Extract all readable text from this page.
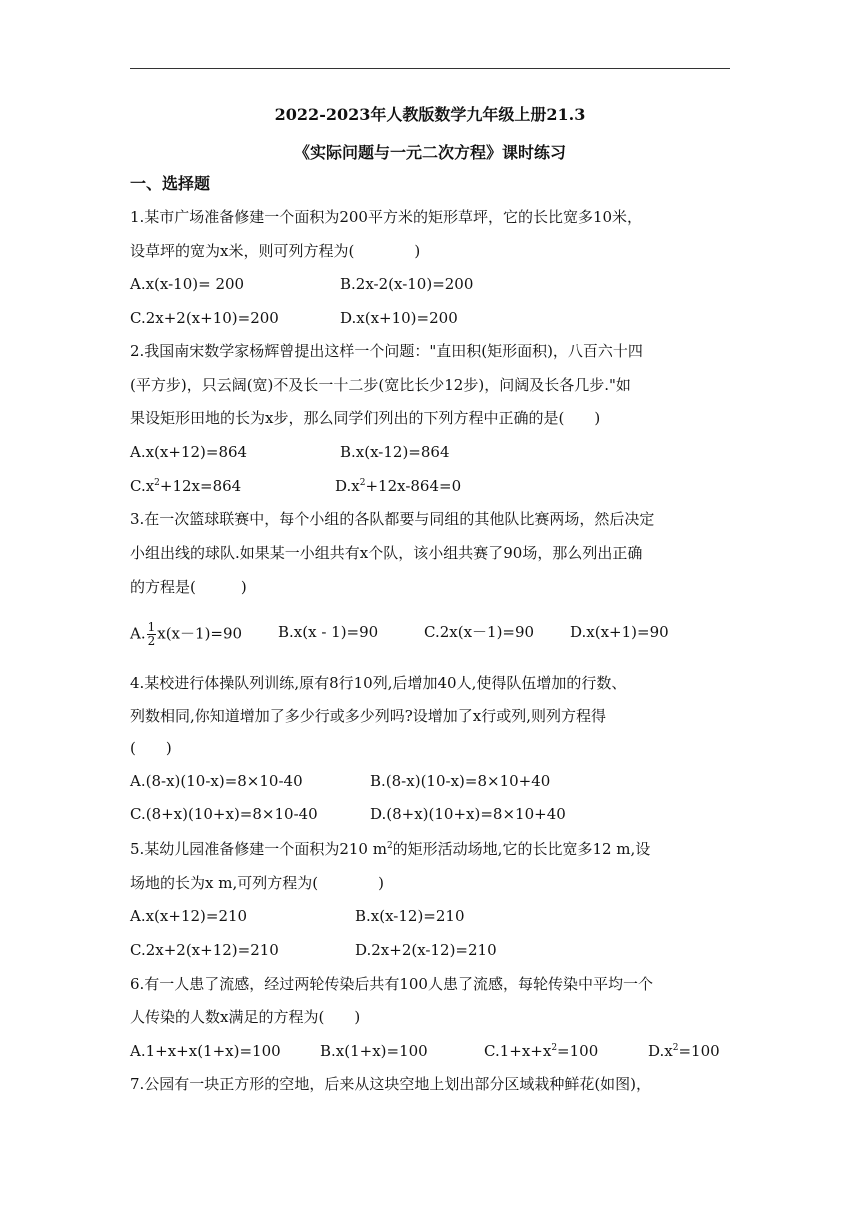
2022-2023年人教版数学九年级上册21.3
《实际问题与一元二次方程》课时练习
一、选择题
1.某市广场准备修建一个面积为200平方米的矩形草坪，它的长比宽多10米，
设草坪的宽为x米，则可列方程为(　　　　)
A.x(x-10)= 200	B.2x-2(x-10)=200
C.2x+2(x+10)=200	D.x(x+10)=200
2.我国南宋数学家杨辉曾提出这样一个问题："直田积(矩形面积)，八百六十四
(平方步)，只云阔(宽)不及长一十二步(宽比长少12步)，问阔及长各几步."如
果设矩形田地的长为x步，那么同学们列出的下列方程中正确的是(　　)
A.x(x+12)=864	B.x(x-12)=864
$C.x^2+12x=864$	$D.x^2+12x-864=0$
3.在一次篮球联赛中，每个小组的各队都要与同组的其他队比赛两场，然后决定
小组出线的球队.如果某一小组共有x个队，该小组共赛了90场，那么列出正确
的方程是(　　　)
A. $\frac{1}{2} x(x-1)=90$ B.x(x - 1)=90	C.2x(x－1)=90 D.x(x+1)=90
4.某校进行体操队列训练,原有8行10列,后增加40人,使得队伍增加的行数、
列数相同,你知道增加了多少行或多少列吗?设增加了x行或列,则列方程得
(　　)
A.(8-x)(10-x)=8×10-40	B.(8-x)(10-x)=8×10+40
C.(8+x)(10+x)=8×10-40	D.(8+x)(10+x)=8×10+40
5.某幼儿园准备修建一个面积为210 $m^2$的矩形活动场地,它的长比宽多12 m,设
场地的长为x m,可列方程为(　　　　)
A.x(x+12)=210	B.x(x-12)=210
C.2x+2(x+12)=210	D.2x+2(x-12)=210
6.有一人患了流感，经过两轮传染后共有100人患了流感，每轮传染中平均一个
人传染的人数x满足的方程为(　　)
A.1+x+x(1+x)=100	B.x(1+x)=100	$C.1+x+x^2=100$	$D.x^2=100$
7.公园有一块正方形的空地，后来从这块空地上划出部分区域栽种鲜花(如图)，
